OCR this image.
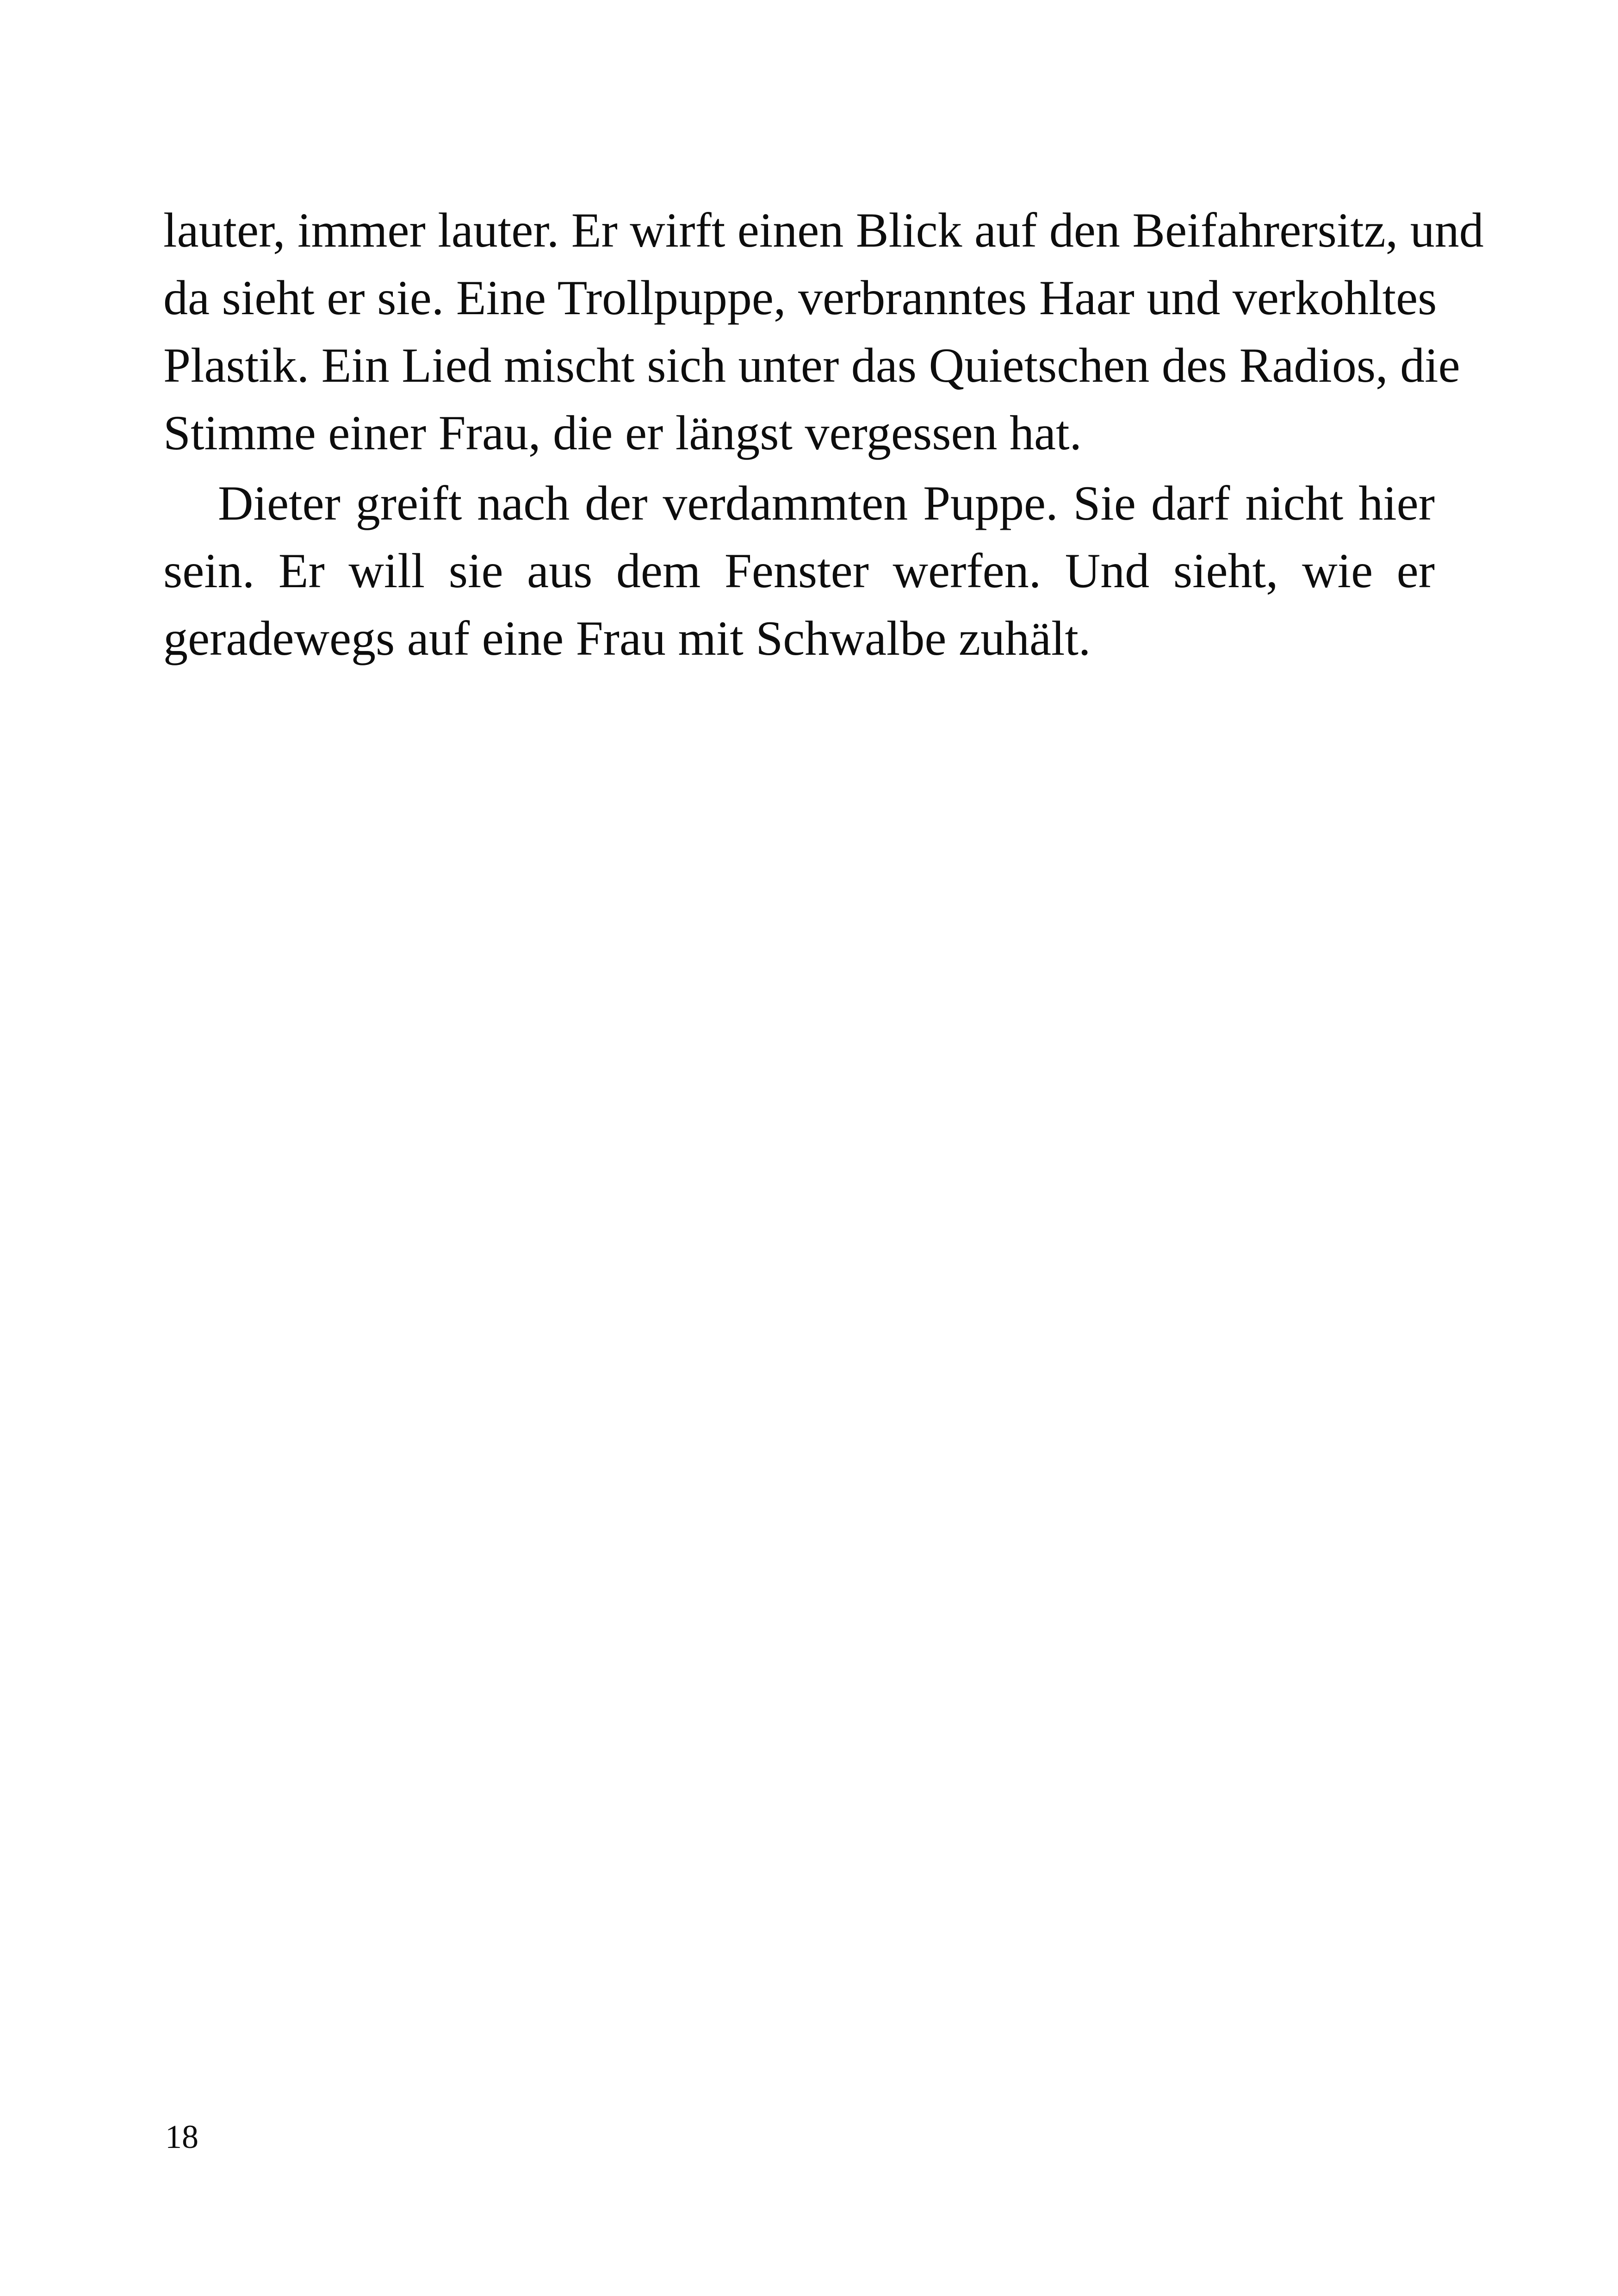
lauter, immer lauter. Er wirft einen Blick auf den Beifahrersitz, und
da sieht er sie. Eine Trollpuppe, verbranntes Haar und verkohltes
Plastik. Ein Lied mischt sich unter das Quietschen des Radios, die
Stimme einer Frau, die er längst vergessen hat.
Dieter greift nach der verdammten Puppe. Sie darf nicht hier
sein. Er will sie aus dem Fenster werfen. Und sieht, wie er
geradewegs auf eine Frau mit Schwalbe zuhält.
18
